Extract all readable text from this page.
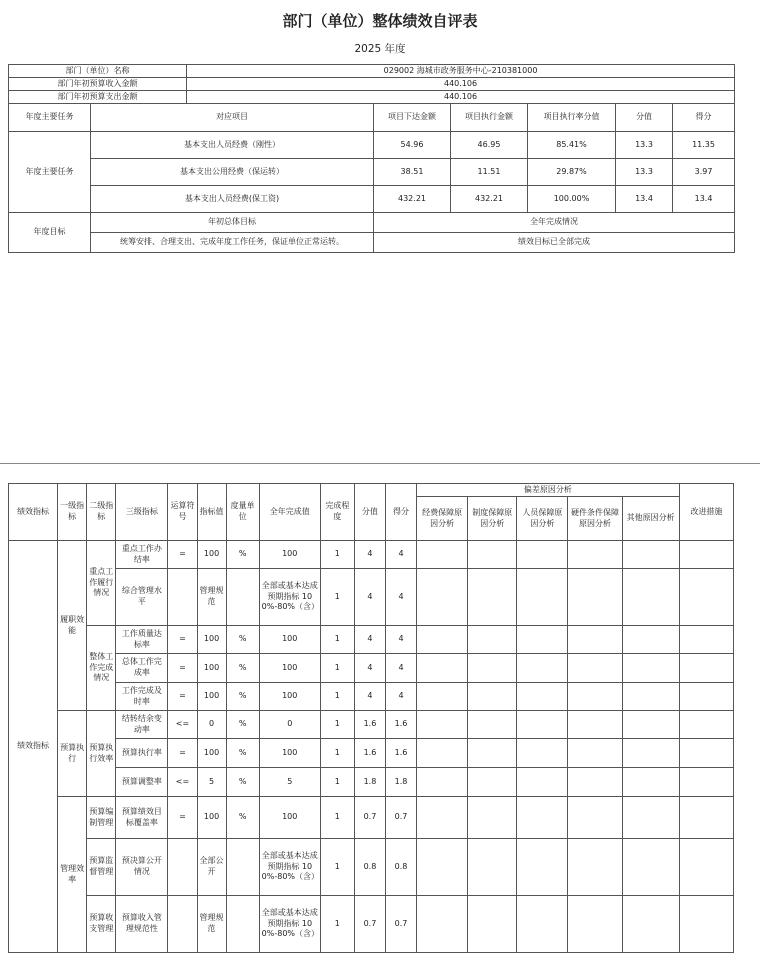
部门（单位）整体绩效自评表
2025 年度
部门（单位）名称		029002 海城市政务服务中心-210381000					
部门年初预算收入金额		440.106					
部门年初预算支出金额		440.106					
年度主要任务	对应项目		项目下达金额	项目执行金额	项目执行率分值	分值	得分
年度主要任务	基本支出人员经费（刚性）		54.96	46.95	85.41%	13.3	11.35
	基本支出公用经费（保运转）		38.51	11.51	29.87%	13.3	3.97
	基本支出人员经费(保工资)		432.21	432.21	100.00%	13.4	13.4
年度目标	年初总体目标		全年完成情况				
	统筹安排、合理支出、完成年度工作任务，保证单位正常运转。		绩效目标已全部完成				
绩效指标	一级指标	二级指标	三级指标	运算符号	指标值	度量单位	全年完成值	完成程度	分值	得分	偏差原因分析					改进措施
											经费保障原因分析	制度保障原因分析	人员保障原因分析	硬件条件保障原因分析	其他原因分析	
绩效指标	履职效能	重点工作履行情况	重点工作办结率	=	100	%	100	1	4	4						
			综合管理水平		管理规范		全部或基本达成预期指标 100%-80%（含）	1	4	4						
		整体工作完成情况	工作质量达标率	=	100	%	100	1	4	4						
			总体工作完成率	=	100	%	100	1	4	4						
			工作完成及时率	=	100	%	100	1	4	4						
	预算执行	预算执行效率	结转结余变动率	<=	0	%	0	1	1.6	1.6						
			预算执行率	=	100	%	100	1	1.6	1.6						
			预算调整率	<=	5	%	5	1	1.8	1.8						
	管理效率	预算编制管理	预算绩效目标覆盖率	=	100	%	100	1	0.7	0.7						
		预算监督管理	预决算公开情况		全部公开		全部或基本达成预期指标 100%-80%（含）	1	0.8	0.8						
		预算收支管理	预算收入管理规范性		管理规范		全部或基本达成预期指标 100%-80%（含）	1	0.7	0.7						
